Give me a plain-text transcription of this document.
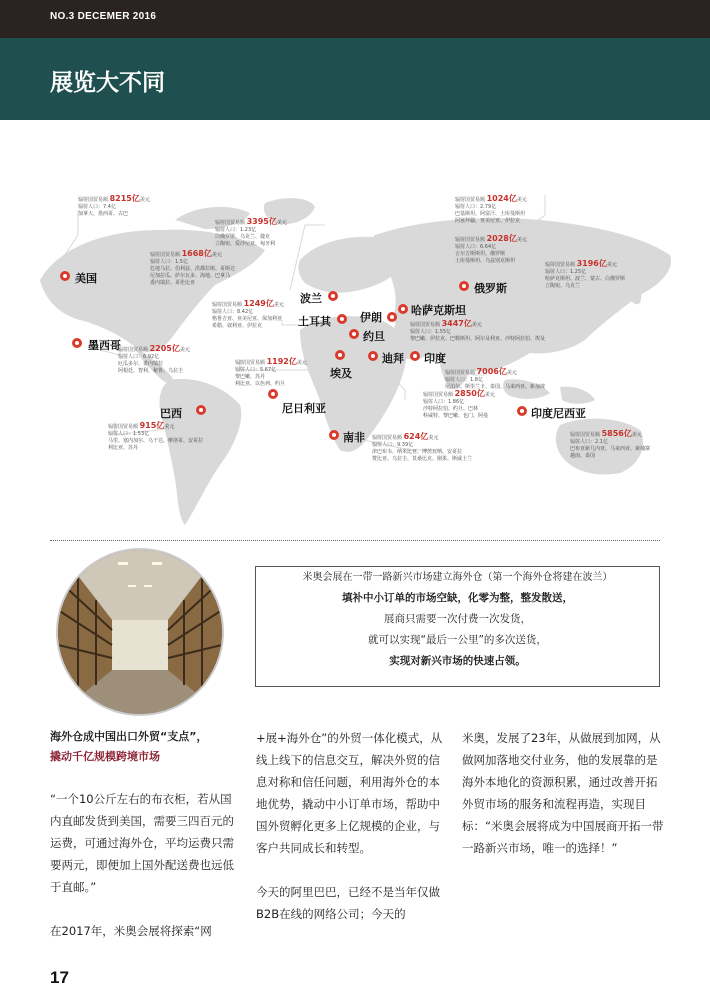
NO.3 DECEMER 2016
展览大不同
美国
墨西哥
巴西
波兰
土耳其	伊朗
哈萨克斯坦
俄罗斯
约旦
埃及
迪拜 印度
尼日利亚
南非
印度尼西亚
辐射国贸易额 8215亿美元
辐射人口：7.4亿
加拿大、墨西哥、古巴
辐射国贸易额 3395亿美元
辐射人口：1.23亿
白俄罗斯、乌克兰、捷克
立陶宛、爱沙尼亚、匈牙利
辐射国贸易额 1024亿美元
辐射人口：2.79亿
巴基斯坦、阿富汗、土库曼斯坦
阿塞拜疆、亚美尼亚、伊拉克
辐射国贸易额 2028亿美元
辐射人口：6.64亿
吉尔吉斯斯坦、俄罗斯
土库曼斯坦、乌兹别克斯坦
辐射国贸易额 3196亿美元
辐射人口：1.25亿
哈萨克斯坦、波兰、蒙古、白俄罗斯
立陶宛、乌克兰
辐射国贸易额 1668亿美元
辐射人口：1.5亿
危地马拉、伯利兹、洪都拉斯、哥斯达
尼加拉瓜、萨尔瓦多、海地、巴拿马
委内瑞拉、哥伦比亚
辐射国贸易额 1249亿美元
辐射人口：8.42亿
格鲁吉亚、亚美尼亚、保加利亚
希腊、叙利亚、伊拉克	辐射国贸易额 3447亿美元
辐射人口：1.55亿
黎巴嫩、伊拉克、巴勒斯坦、阿尔及利亚、沙特阿拉伯、埃及
辐射国贸易额 2205亿美元
辐射人口：6.92亿
厄瓜多尔、委内瑞拉
阿根廷、智利、秘鲁、乌拉圭
辐射国贸易额 1192亿美元
辐射人口：5.67亿
黎巴嫩、苏丹
利比亚、以色列、约旦
辐射国贸易额 7006亿美元
辐射人口：1.8亿
尼泊尔、斯里兰卡、泰国、马来西亚、新加坡
辐射国贸易额 2850亿美元
辐射人口：1.86亿
沙特阿拉伯、约旦、巴林
科威特、黎巴嫩、也门、阿曼
辐射国贸易额 915亿美元
辐射人口：1.53亿
马里、塞内加尔、乌干达、摩洛哥、安哥拉
利比亚、苏丹
辐射国贸易额 624亿美元
辐射人口：9.39亿
津巴布韦、纳米比亚、博茨瓦纳、安哥拉
赞比亚、乌拉圭、莫桑比克、刚果、斯威士兰
辐射国贸易额 5856亿美元
辐射人口：2.1亿
巴布亚新几内亚、马来西亚、柬埔寨
越南、泰国
米奥会展在一带一路新兴市场建立海外仓（第一个海外仓将建在波兰）
填补中小订单的市场空缺，化零为整，整发散送，
展商只需要一次付费一次发货，
就可以实现“最后一公里”的多次送货，
实现对新兴市场的快速占领。
海外仓成中国出口外贸“支点”，
撬动千亿规模跨境市场

“一个10公斤左右的布衣柜，若从国内直邮发货到美国，需要三四百元的运费，可通过海外仓，平均运费只需要两元，即便加上国外配送费也远低于直邮。”

在2017年，米奥会展将探索“网

+展+海外仓”的外贸一体化模式，从线上线下的信息交互，解决外贸的信息对称和信任问题，利用海外仓的本地优势，撬动中小订单市场，帮助中国外贸孵化更多上亿规模的企业，与客户共同成长和转型。

今天的阿里巴巴，已经不是当年仅做B2B在线的网络公司；今天的

米奥，发展了23年，从做展到加网，从做网加落地交付业务，他的发展靠的是海外本地化的资源积累，通过改善开拓外贸市场的服务和流程再造，实现目标：“米奥会展将成为中国展商开拓一带一路新兴市场，唯一的选择！”

17
